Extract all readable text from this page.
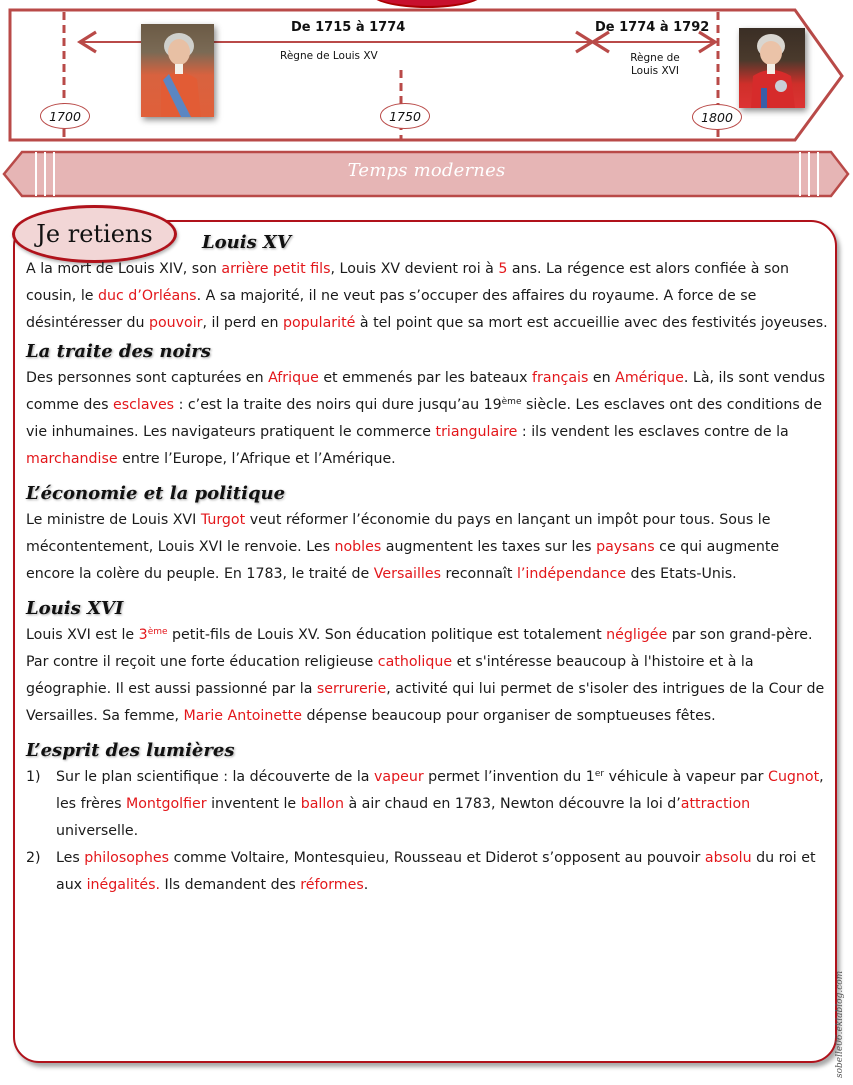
De 1715 à 1774
Règne de Louis XV
De 1774 à 1792
Règne de
Louis XVI
1700	1750	1800
Temps modernes
Je retiens	Louis XV
A la mort de Louis XIV, son arrière petit fils, Louis XV devient roi à 5 ans. La régence est alors confiée à son cousin, le duc d’Orléans. A sa majorité, il ne veut pas s’occuper des affaires du royaume. A force de se désintéresser du pouvoir, il perd en popularité à tel point que sa mort est accueillie avec des festivités joyeuses.
La traite des noirs
Des personnes sont capturées en Afrique et emmenés par les bateaux français en Amérique. Là, ils sont vendus comme des esclaves : c’est la traite des noirs qui dure jusqu’au 19ème siècle. Les esclaves ont des conditions de vie inhumaines. Les navigateurs pratiquent le commerce triangulaire : ils vendent les esclaves contre de la marchandise entre l’Europe, l’Afrique et l’Amérique.
L’économie et la politique
Le ministre de Louis XVI Turgot veut réformer l’économie du pays en lançant un impôt pour tous. Sous le mécontentement, Louis XVI le renvoie. Les nobles augmentent les taxes sur les paysans ce qui augmente encore la colère du peuple. En 1783, le traité de Versailles reconnaît l’indépendance des Etats-Unis.
Louis XVI
Louis XVI est le 3ème petit-fils de Louis XV. Son éducation politique est totalement négligée par son grand-père. Par contre il reçoit une forte éducation religieuse catholique et s'intéresse beaucoup à l'histoire et à la géographie. Il est aussi passionné par la serrurerie, activité qui lui permet de s'isoler des intrigues de la Cour de Versailles. Sa femme, Marie Antoinette dépense beaucoup pour organiser de somptueuses fêtes.
L’esprit des lumières
1)	Sur le plan scientifique : la découverte de la vapeur permet l’invention du 1er véhicule à vapeur par Cugnot, les frères Montgolfier inventent le ballon à air chaud en 1783, Newton découvre la loi d’attraction universelle.
2)	Les philosophes comme Voltaire, Montesquieu, Rousseau et Diderot s’opposent au pouvoir absolu du roi et aux inégalités. Ils demandent des réformes.
sobelle06.eklablog.com
